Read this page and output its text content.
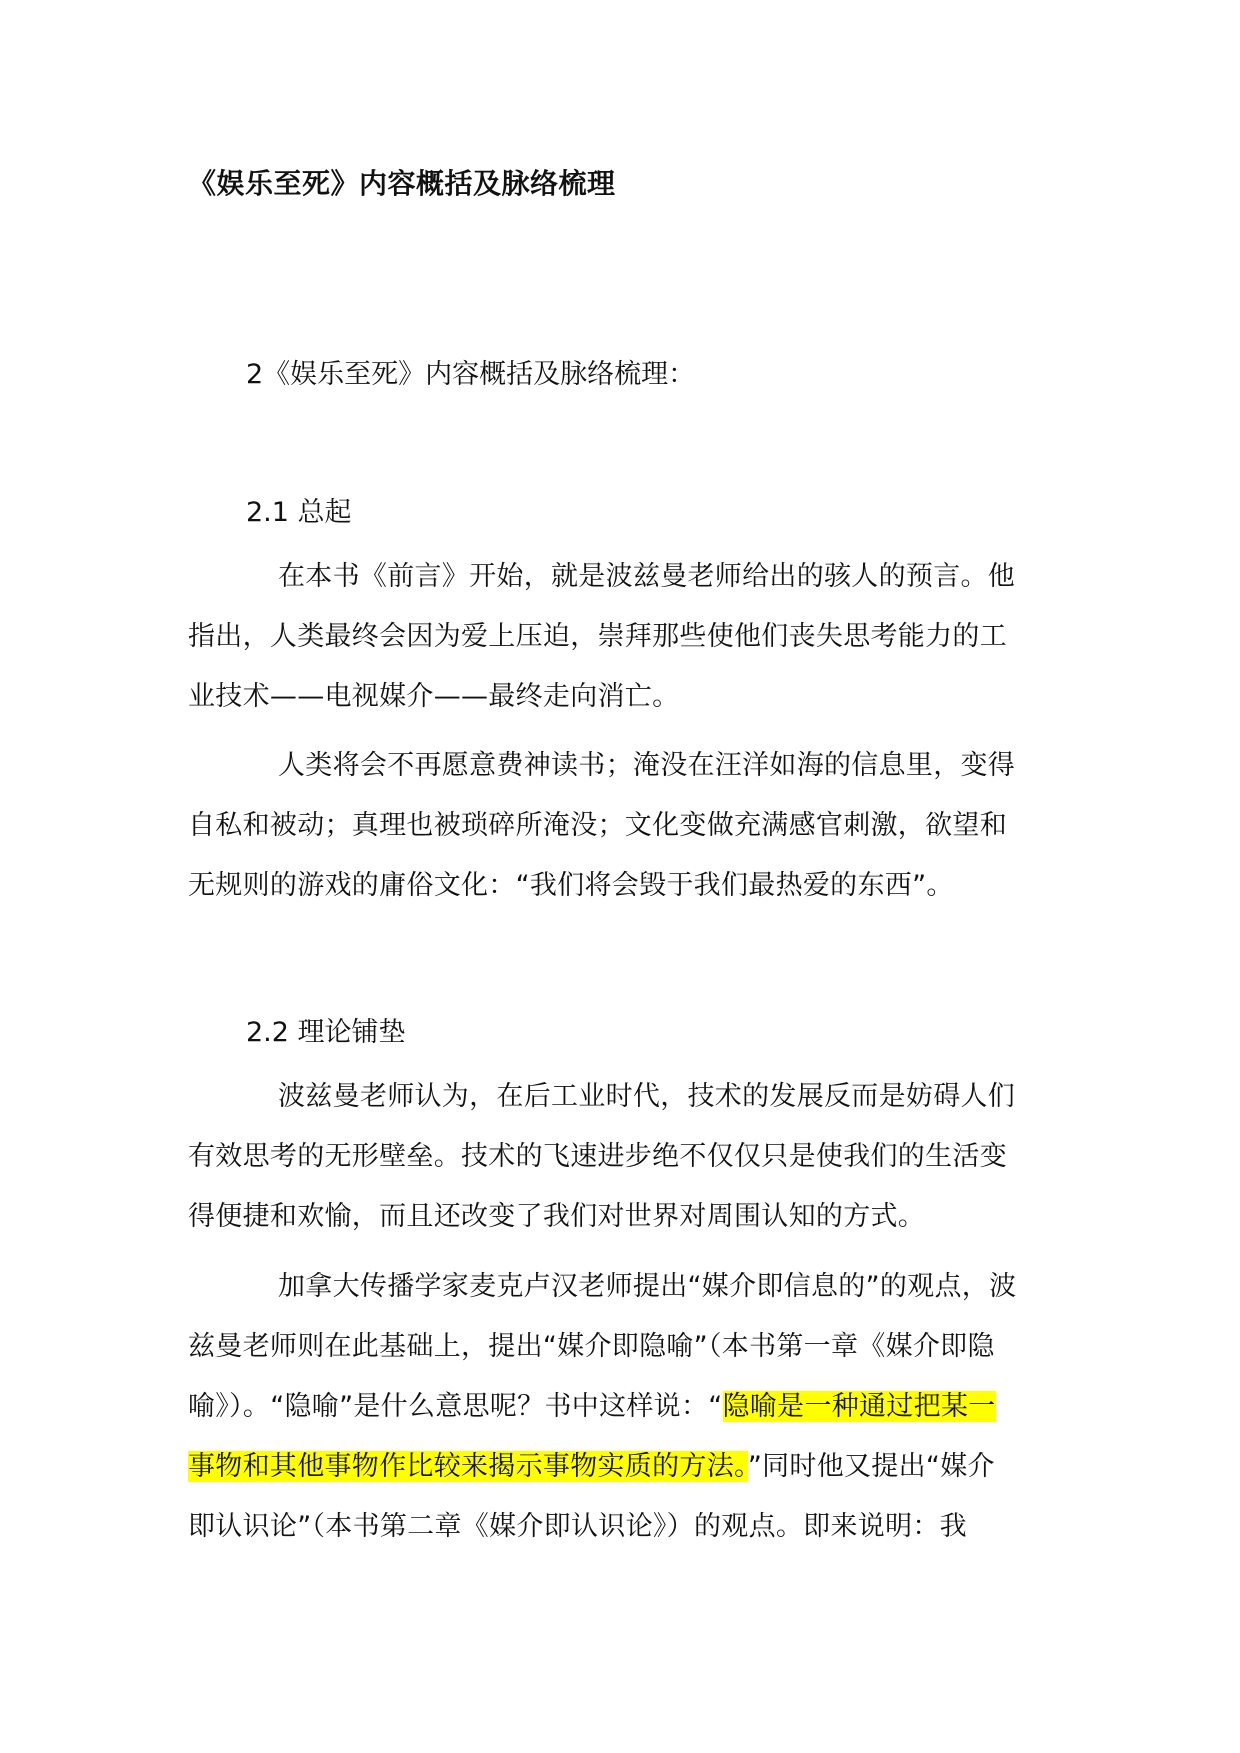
《娱乐至死》内容概括及脉络梳理
2《娱乐至死》内容概括及脉络梳理：
2.1 总起
在本书《前言》开始，就是波兹曼老师给出的骇人的预言。他
指出，人类最终会因为爱上压迫，崇拜那些使他们丧失思考能力的工
业技术——电视媒介——最终走向消亡。
人类将会不再愿意费神读书；淹没在汪洋如海的信息里，变得
自私和被动；真理也被琐碎所淹没；文化变做充满感官刺激，欲望和
无规则的游戏的庸俗文化：“我们将会毁于我们最热爱的东西”。
2.2 理论铺垫
波兹曼老师认为，在后工业时代，技术的发展反而是妨碍人们
有效思考的无形壁垒。技术的飞速进步绝不仅仅只是使我们的生活变
得便捷和欢愉，而且还改变了我们对世界对周围认知的方式。
加拿大传播学家麦克卢汉老师提出“媒介即信息的”的观点，波
兹曼老师则在此基础上，提出“媒介即隐喻”（本书第一章《媒介即隐
喻》）。“隐喻”是什么意思呢？书中这样说：“隐喻是一种通过把某一
事物和其他事物作比较来揭示事物实质的方法。”同时他又提出“媒介
即认识论”（本书第二章《媒介即认识论》）的观点。即来说明：我
